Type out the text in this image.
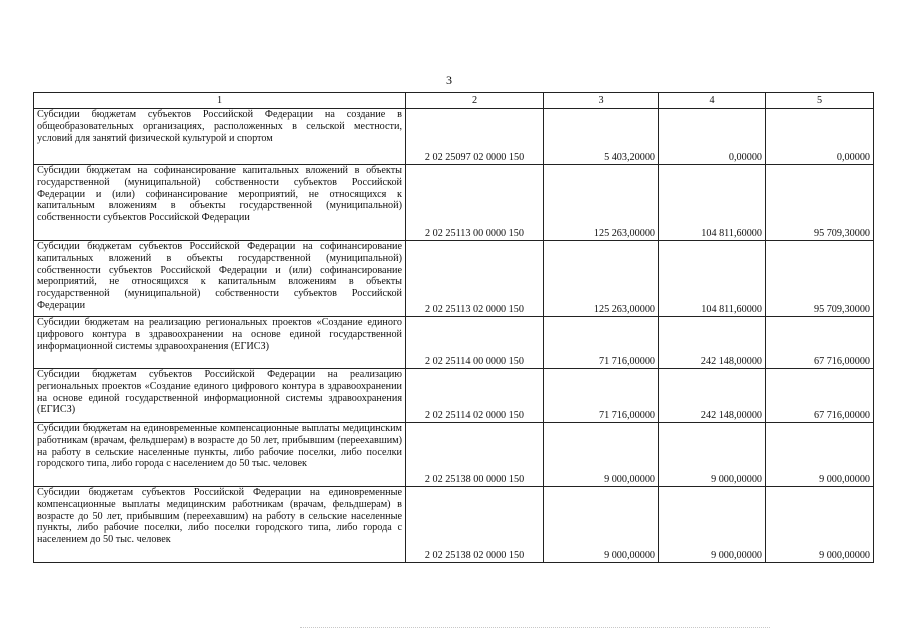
3
1	2	3	4	5
Субсидии бюджетам субъектов Российской Федерации на создание в общеобразовательных организациях, расположенных в сельской местности, условий для занятий физической культурой и спортом	2 02 25097 02 0000 150	5 403,20000	0,00000	0,00000
Субсидии бюджетам на софинансирование капитальных вложений в объекты государственной (муниципальной) собственности субъектов Российской Федерации и (или) софинансирование мероприятий, не относящихся к капитальным вложениям в объекты государственной (муниципальной) собственности субъектов Российской Федерации	2 02 25113 00 0000 150	125 263,00000	104 811,60000	95 709,30000
Субсидии бюджетам субъектов Российской Федерации на софинансирование капитальных вложений в объекты государственной (муниципальной) собственности субъектов Российской Федерации и (или) софинансирование мероприятий, не относящихся к капитальным вложениям в объекты государственной (муниципальной) собственности субъектов Российской Федерации	2 02 25113 02 0000 150	125 263,00000	104 811,60000	95 709,30000
Субсидии бюджетам на реализацию региональных проектов «Создание единого цифрового контура в здравоохранении на основе единой государственной информационной системы здравоохранения (ЕГИСЗ)	2 02 25114 00 0000 150	71 716,00000	242 148,00000	67 716,00000
Субсидии бюджетам субъектов Российской Федерации на реализацию региональных проектов «Создание единого цифрового контура в здравоохранении на основе единой государственной информационной системы здравоохранения (ЕГИСЗ)	2 02 25114 02 0000 150	71 716,00000	242 148,00000	67 716,00000
Субсидии бюджетам на единовременные компенсационные выплаты медицинским работникам (врачам, фельдшерам) в возрасте до 50 лет, прибывшим (переехавшим) на работу в сельские населенные пункты, либо рабочие поселки, либо поселки городского типа, либо города с населением до 50 тыс. человек	2 02 25138 00 0000 150	9 000,00000	9 000,00000	9 000,00000
Субсидии бюджетам субъектов Российской Федерации на единовременные компенсационные выплаты медицинским работникам (врачам, фельдшерам) в возрасте до 50 лет, прибывшим (переехавшим) на работу в сельские населенные пункты, либо рабочие поселки, либо поселки городского типа, либо города с населением до 50 тыс. человек	2 02 25138 02 0000 150	9 000,00000	9 000,00000	9 000,00000
